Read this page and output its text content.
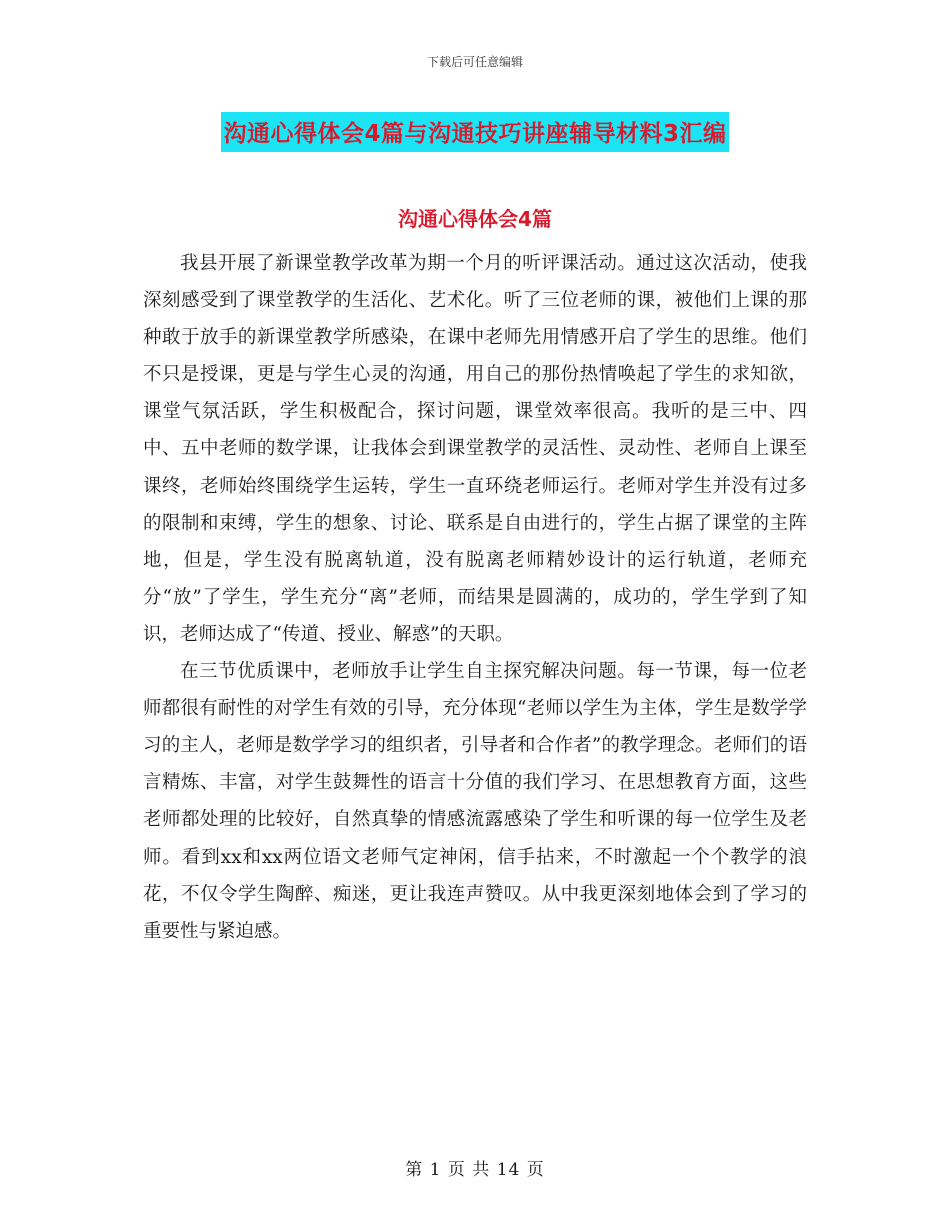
下载后可任意编辑
沟通心得体会4篇与沟通技巧讲座辅导材料3汇编
沟通心得体会4篇

我县开展了新课堂教学改革为期一个月的听评课活动。通过这次活动，使我深刻感受到了课堂教学的生活化、艺术化。听了三位老师的课，被他们上课的那种敢于放手的新课堂教学所感染，在课中老师先用情感开启了学生的思维。他们不只是授课，更是与学生心灵的沟通，用自己的那份热情唤起了学生的求知欲，课堂气氛活跃，学生积极配合，探讨问题，课堂效率很高。我听的是三中、四中、五中老师的数学课，让我体会到课堂教学的灵活性、灵动性、老师自上课至课终，老师始终围绕学生运转，学生一直环绕老师运行。老师对学生并没有过多的限制和束缚，学生的想象、讨论、联系是自由进行的，学生占据了课堂的主阵地，但是，学生没有脱离轨道，没有脱离老师精妙设计的运行轨道，老师充分“放”了学生，学生充分“离”老师，而结果是圆满的，成功的，学生学到了知识，老师达成了“传道、授业、解惑”的天职。

在三节优质课中，老师放手让学生自主探究解决问题。每一节课，每一位老师都很有耐性的对学生有效的引导，充分体现“老师以学生为主体，学生是数学学习的主人，老师是数学学习的组织者，引导者和合作者”的教学理念。老师们的语言精炼、丰富，对学生鼓舞性的语言十分值的我们学习、在思想教育方面，这些老师都处理的比较好，自然真挚的情感流露感染了学生和听课的每一位学生及老师。看到xx和xx两位语文老师气定神闲，信手拈来，不时激起一个个教学的浪花，不仅令学生陶醉、痴迷，更让我连声赞叹。从中我更深刻地体会到了学习的重要性与紧迫感。

第 1 页 共 14 页
